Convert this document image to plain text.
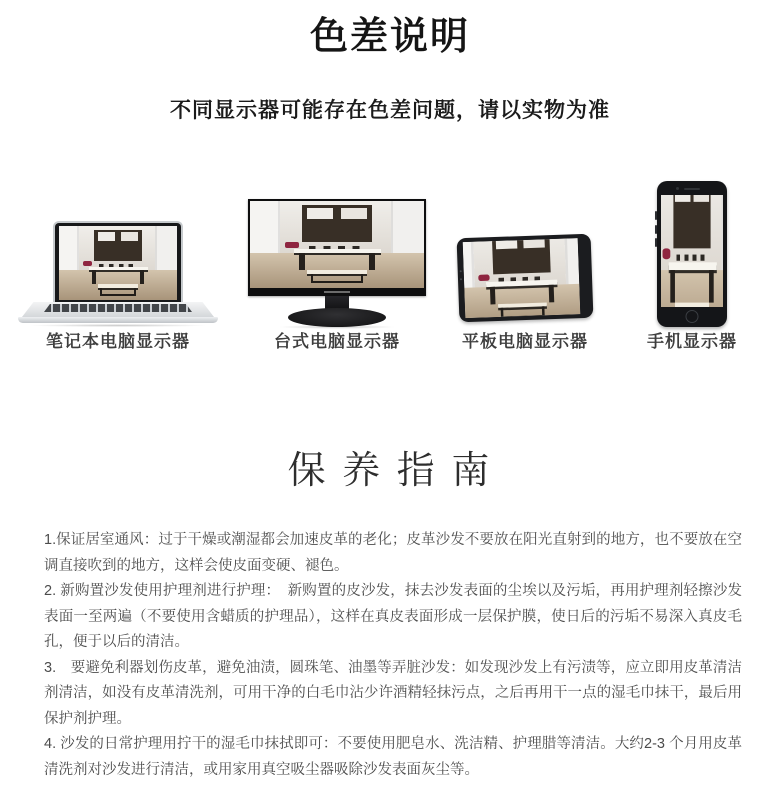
色差说明
不同显示器可能存在色差问题，请以实物为准
笔记本电脑显示器	台式电脑显示器	平板电脑显示器	手机显示器
保 养 指 南

1.保证居室通风：过于干燥或潮湿都会加速皮革的老化；皮革沙发不要放在阳光直射到的地方，也不要放在空调直接吹到的地方，这样会使皮面变硬、褪色。

2. 新购置沙发使用护理剂进行护理：　新购置的皮沙发，抹去沙发表面的尘埃以及污垢，再用护理剂轻擦沙发表面一至两遍（不要使用含蜡质的护理品），这样在真皮表面形成一层保护膜，使日后的污垢不易深入真皮毛孔，便于以后的清洁。

3.　要避免利器划伤皮革，避免油渍，圆珠笔、油墨等弄脏沙发：如发现沙发上有污渍等，应立即用皮革清洁剂清洁，如没有皮革清洗剂，可用干净的白毛巾沾少许酒精轻抹污点，之后再用干一点的湿毛巾抹干，最后用保护剂护理。

4. 沙发的日常护理用拧干的湿毛巾抹拭即可：不要使用肥皂水、洗洁精、护理腊等清洁。大约2-3 个月用皮革清洗剂对沙发进行清洁，或用家用真空吸尘器吸除沙发表面灰尘等。
